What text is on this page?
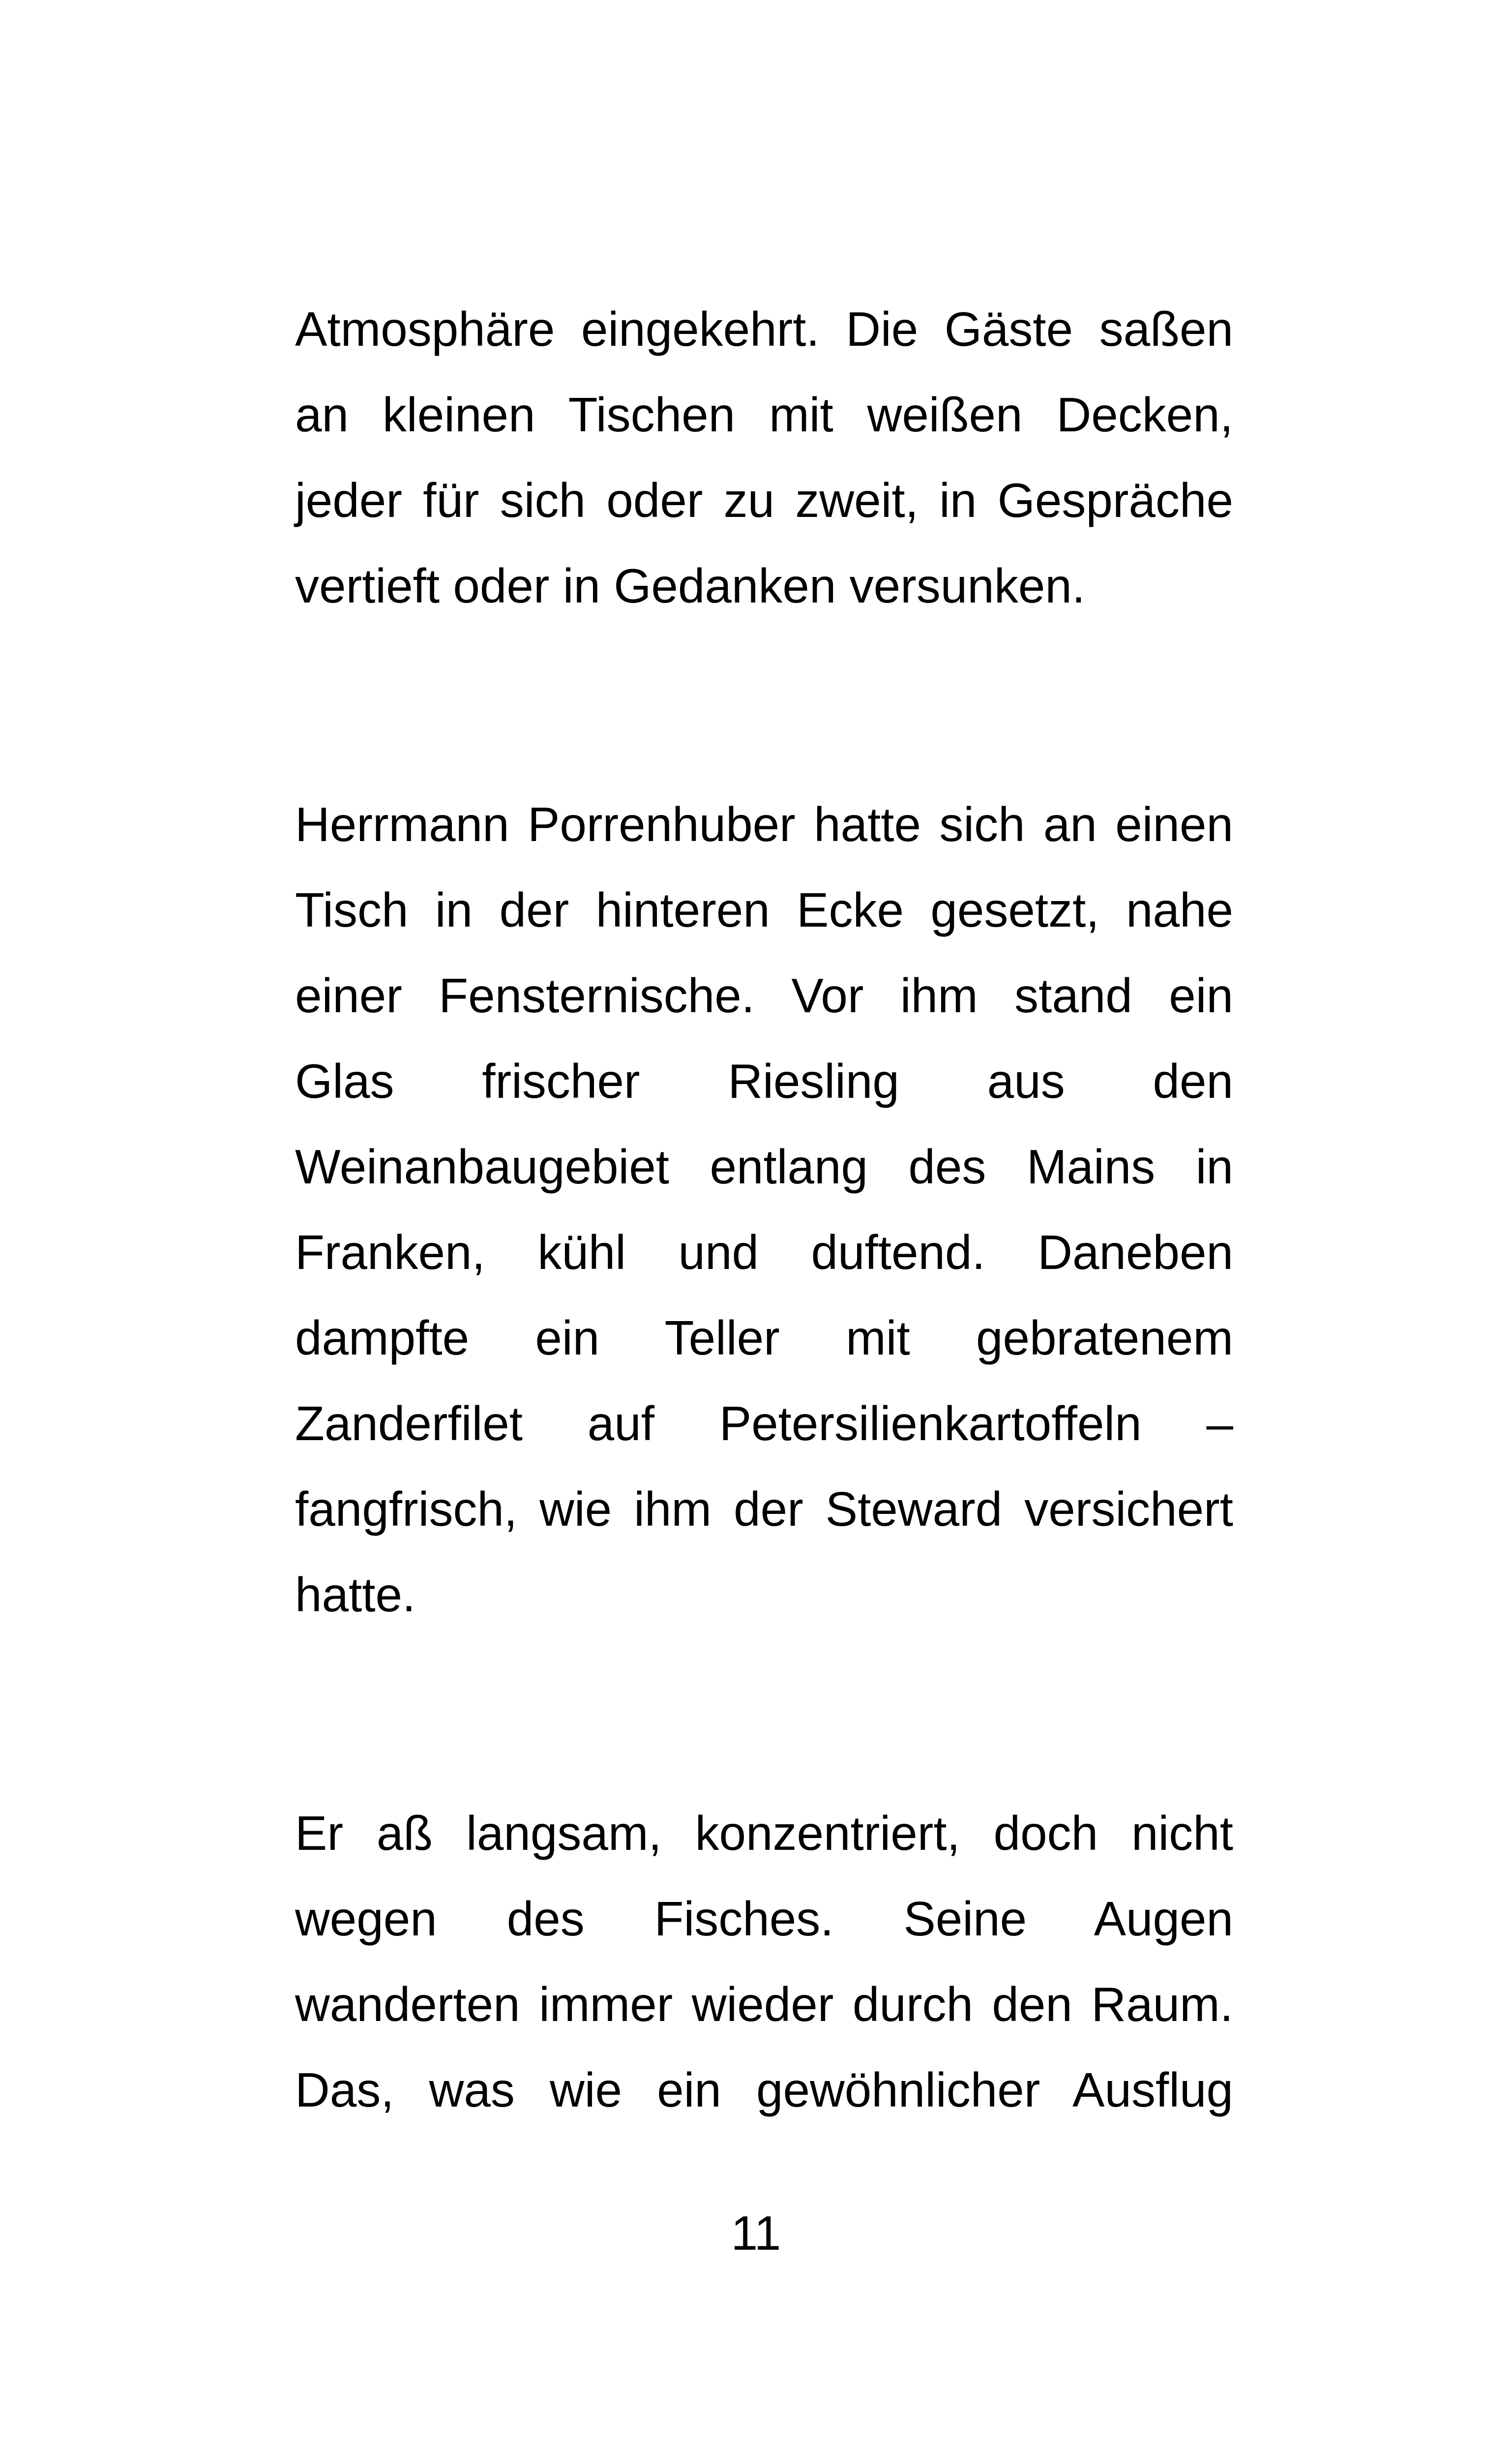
Atmosphäre eingekehrt. Die Gäste saßen
an kleinen Tischen mit weißen Decken,
jeder für sich oder zu zweit, in Gespräche
vertieft oder in Gedanken versunken.
Herrmann Porrenhuber hatte sich an einen
Tisch in der hinteren Ecke gesetzt, nahe
einer Fensternische. Vor ihm stand ein
Glas frischer Riesling aus den
Weinanbaugebiet entlang des Mains in
Franken, kühl und duftend. Daneben
dampfte ein Teller mit gebratenem
Zanderfilet auf Petersilienkartoffeln –
fangfrisch, wie ihm der Steward versichert
hatte.
Er aß langsam, konzentriert, doch nicht
wegen des Fisches. Seine Augen
wanderten immer wieder durch den Raum.
Das, was wie ein gewöhnlicher Ausflug
11
